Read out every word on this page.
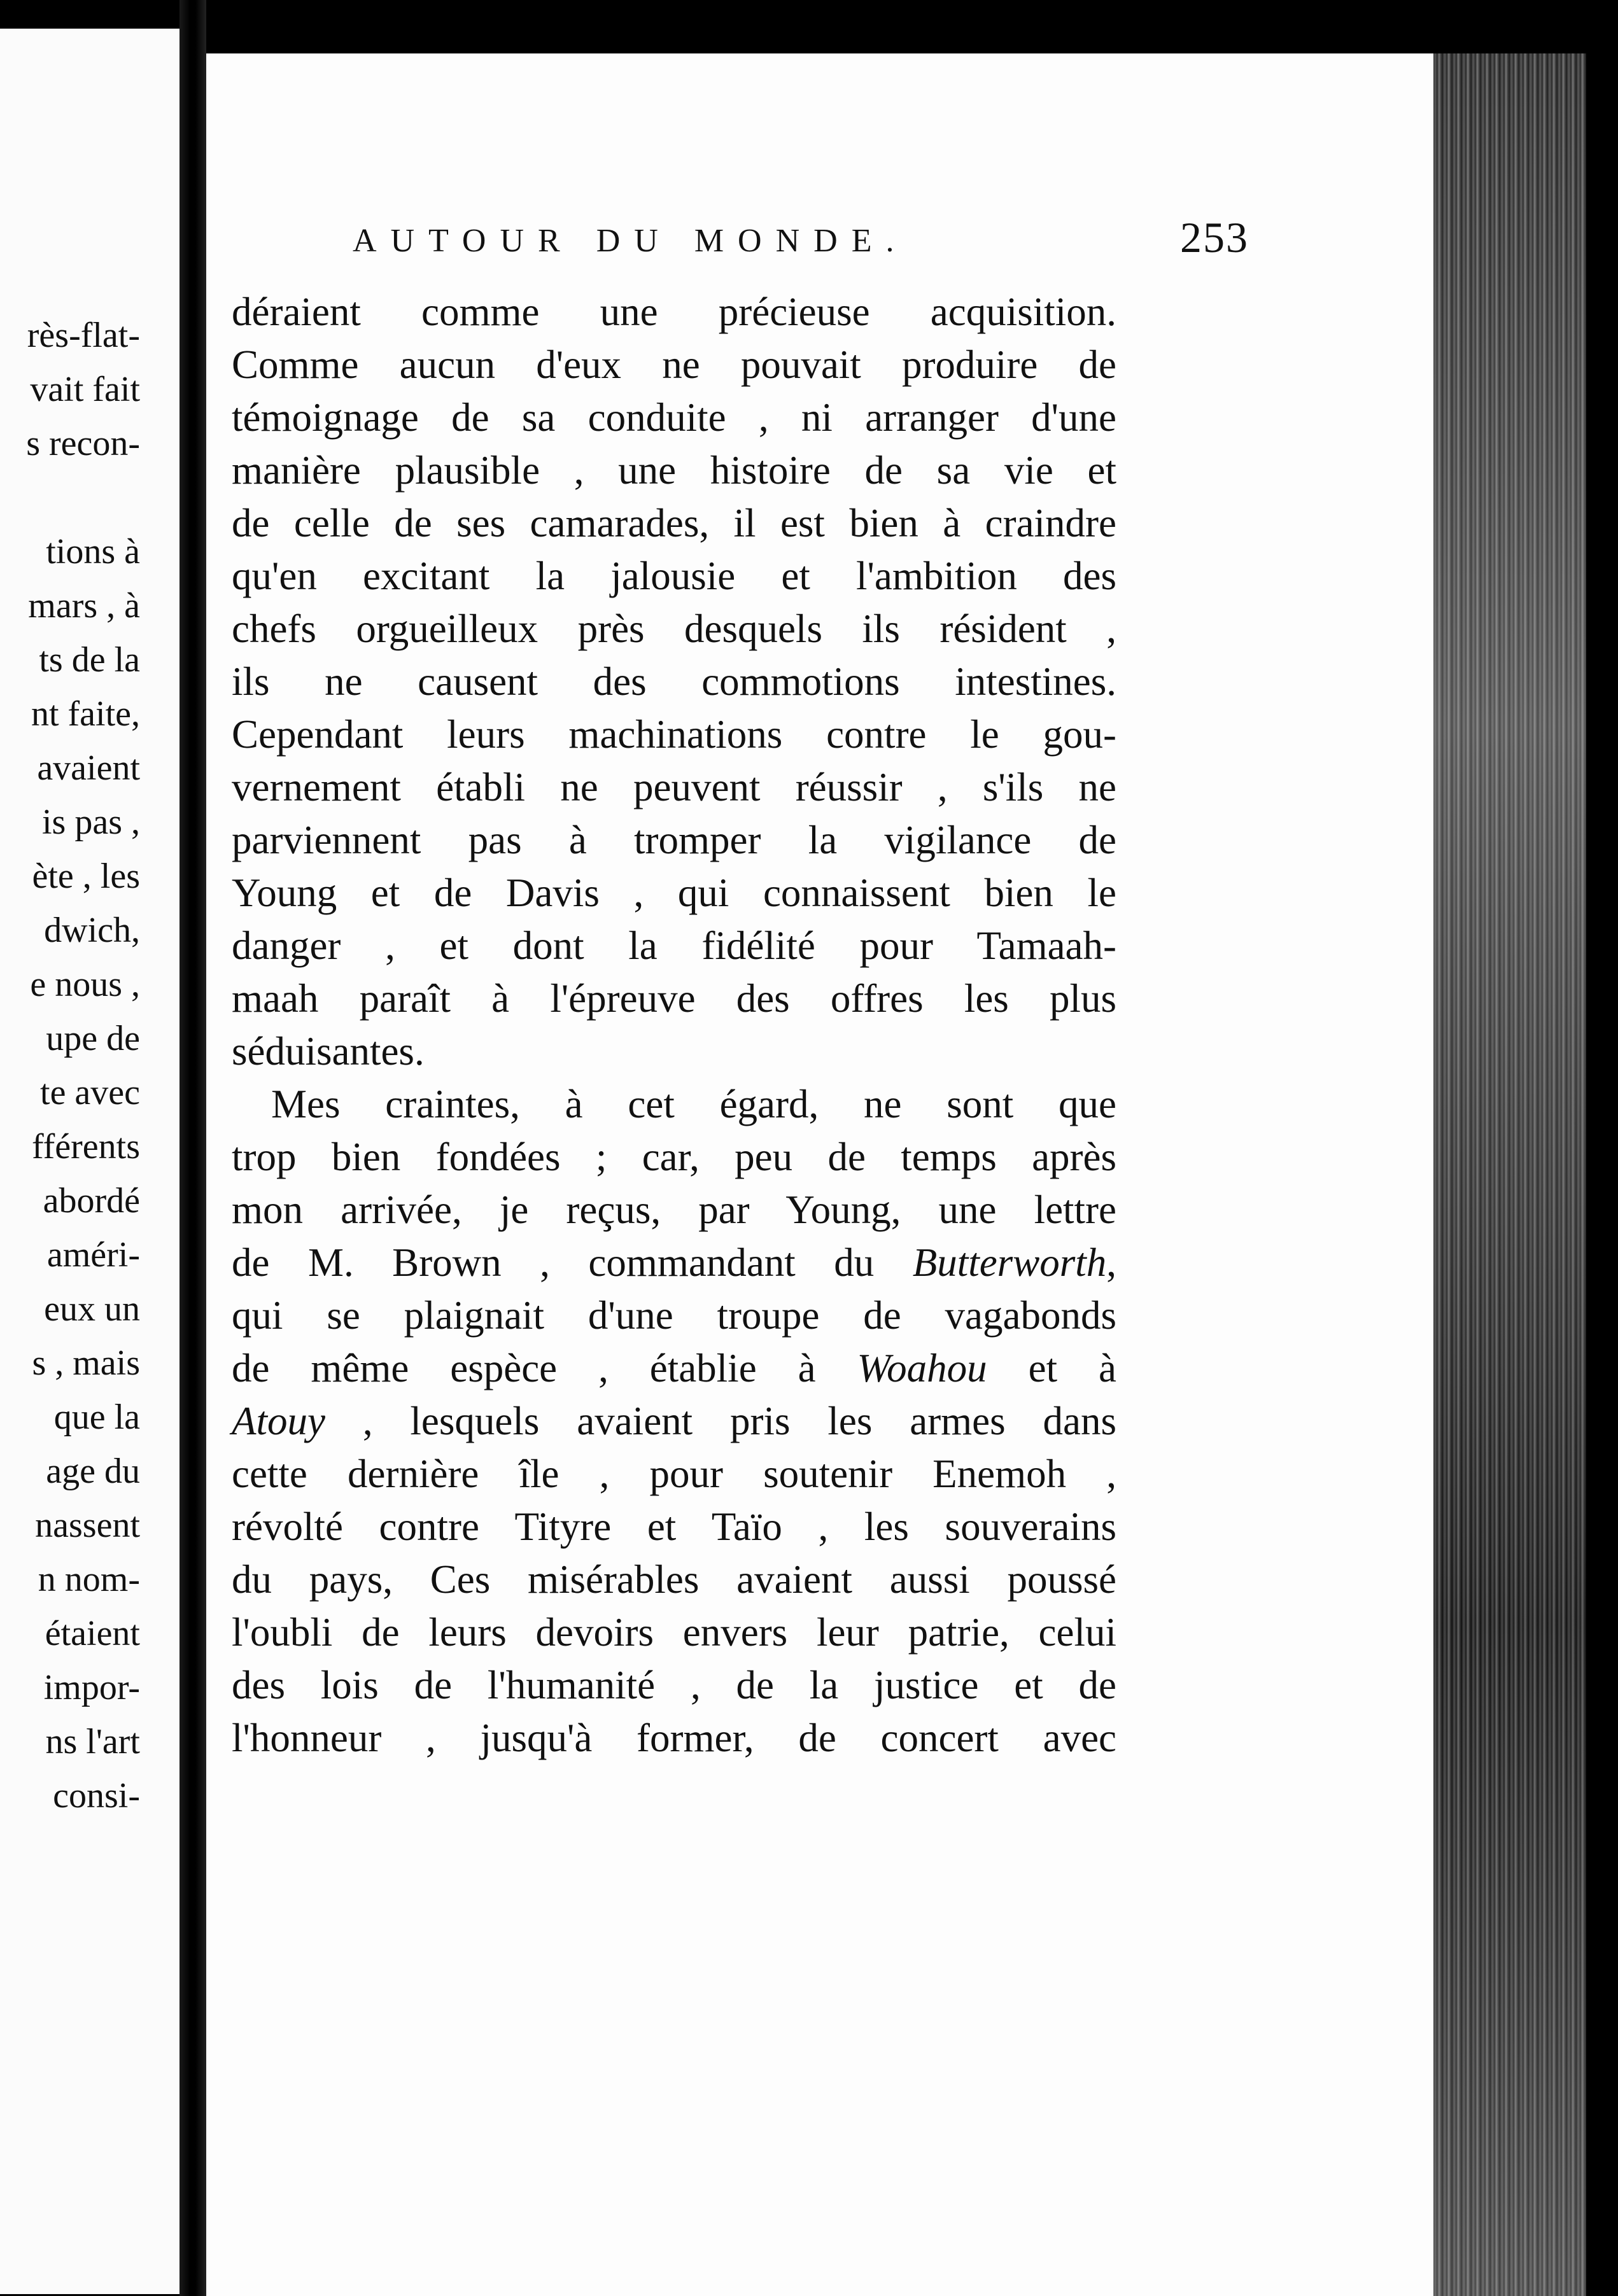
rès-flat-
vait fait
s recon-
tions à
mars , à
ts de la
nt faite,
avaient
is pas ,
ète , les
dwich,
e nous ,
upe de
te avec
fférents
abordé
améri-
eux un
s , mais
que la
age du
nassent
n nom-
étaient
impor-
ns l'art
consi-
AUTOUR DU MONDE.	253
déraient comme une précieuse acquisition.
Comme aucun d'eux ne pouvait produire de
témoignage de sa conduite , ni arranger d'une
manière plausible , une histoire de sa vie et
de celle de ses camarades, il est bien à craindre
qu'en excitant la jalousie et l'ambition des
chefs orgueilleux près desquels ils résident ,
ils ne causent des commotions intestines.
Cependant leurs machinations contre le gou-
vernement établi ne peuvent réussir , s'ils ne
parviennent pas à tromper la vigilance de
Young et de Davis , qui connaissent bien le
danger , et dont la fidélité pour Tamaah-
maah paraît à l'épreuve des offres les plus
séduisantes.
Mes craintes, à cet égard, ne sont que
trop bien fondées ; car, peu de temps après
mon arrivée, je reçus, par Young, une lettre
de M. Brown , commandant du Butterworth,
qui se plaignait d'une troupe de vagabonds
de même espèce , établie à Woahou et à
Atouy , lesquels avaient pris les armes dans
cette dernière île , pour soutenir Enemoh ,
révolté contre Tityre et Taïo , les souverains
du pays, Ces misérables avaient aussi poussé
l'oubli de leurs devoirs envers leur patrie, celui
des lois de l'humanité , de la justice et de
l'honneur , jusqu'à former, de concert avec
